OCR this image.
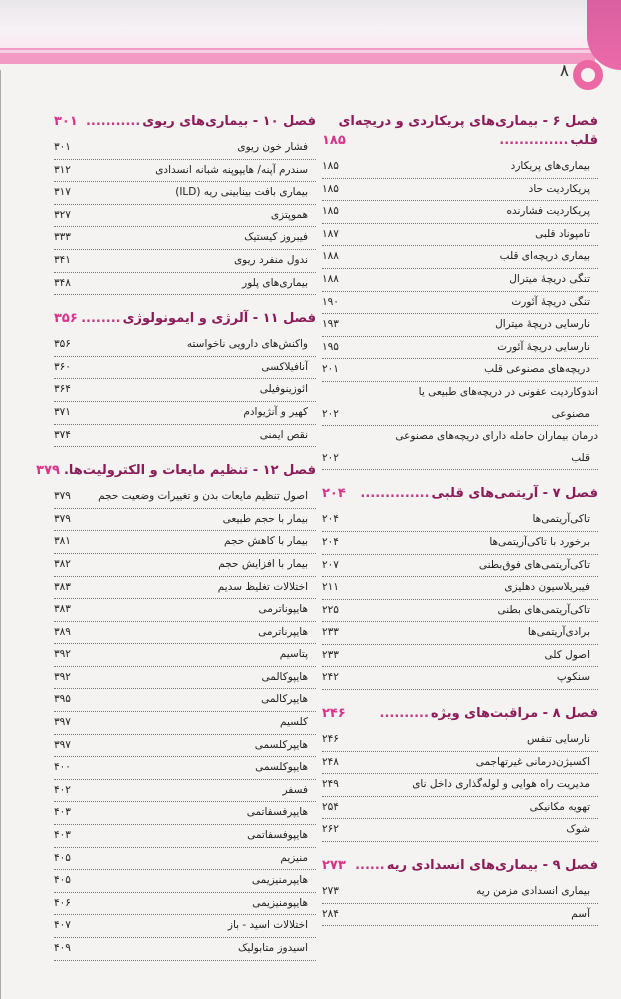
۸
فصل ۶ - بیماری‌های پریکاردی و دریچه‌ای
قلب
..............
۱۸۵
بیماری‌های پریکارد
۱۸۵
پریکاردیت حاد
۱۸۵
پریکاردیت فشارنده
۱۸۵
تامپوناد قلبی
۱۸۷
بیماری دریچه‌ای قلب
۱۸۸
تنگی دریچهٔ میترال
۱۸۸
تنگی دریچهٔ آئورت
۱۹۰
نارسایی دریچهٔ میترال
۱۹۳
نارسایی دریچهٔ آئورت
۱۹۵
دریچه‌های مصنوعی قلب
۲۰۱
اندوکاردیت عفونی در دریچه‌های طبیعی یا
مصنوعی
۲۰۲
درمان بیماران حامله دارای دریچه‌های مصنوعی
قلب
۲۰۲
فصل ۷ - آریتمی‌های قلبی
..............
۲۰۴
تاکی‌آریتمی‌ها
۲۰۴
برخورد با تاکی‌آریتمی‌ها
۲۰۴
تاکی‌آریتمی‌های فوق‌بطنی
۲۰۷
فیبریلاسیون دهلیزی
۲۱۱
تاکی‌آریتمی‌های بطنی
۲۲۵
برادی‌آریتمی‌ها
۲۳۳
اصول کلی
۲۳۳
سنکوپ
۲۴۲
فصل ۸ - مراقبت‌های ویژه
..........
۲۴۶
نارسایی تنفس
۲۴۶
اکسیژن‌درمانی غیرتهاجمی
۲۴۸
مدیریت راه هوایی و لوله‌گذاری داخل نای
۲۴۹
تهویه مکانیکی
۲۵۴
شوک
۲۶۲
فصل ۹ - بیماری‌های انسدادی ریه
......
۲۷۳
بیماری انسدادی مزمن ریه
۲۷۳
آسم
۲۸۴
فصل ۱۰ - بیماری‌های ریوی
...........
۳۰۱
فشار خون ریوی
۳۰۱
سندرم آپنه/ هایپوپنه شبانه انسدادی
۳۱۲
بیماری بافت بینابینی ریه (ILD)
۳۱۷
هموپتزی
۳۲۷
فیبروز کیستیک
۳۳۳
ندول منفرد ریوی
۳۴۱
بیماری‌های پلور
۳۴۸
فصل ۱۱ - آلرژی و ایمونولوژی
........
۳۵۶
واکنش‌های دارویی ناخواسته
۳۵۶
آنافیلاکسی
۳۶۰
ائوزینوفیلی
۳۶۴
کهیر و آنژیوادم
۳۷۱
نقص ایمنی
۳۷۴
فصل ۱۲ - تنظیم مایعات و الکترولیت‌ها.
۳۷۹
اصول تنظیم مایعات بدن و تغییرات وضعیت حجم
۳۷۹
بیمار با حجم طبیعی
۳۷۹
بیمار با کاهش حجم
۳۸۱
بیمار با افزایش حجم
۳۸۲
اختلالات تغلیظ سدیم
۳۸۳
هایپوناترمی
۳۸۳
هایپرناترمی
۳۸۹
پتاسیم
۳۹۲
هایپوکالمی
۳۹۲
هایپرکالمی
۳۹۵
کلسیم
۳۹۷
هایپرکلسمی
۳۹۷
هایپوکلسمی
۴۰۰
فسفر
۴۰۲
هایپرفسفاتمی
۴۰۳
هایپوفسفاتمی
۴۰۳
منیزیم
۴۰۵
هایپرمنیزیمی
۴۰۵
هایپومنیزیمی
۴۰۶
اختلالات اسید - باز
۴۰۷
اسیدوز متابولیک
۴۰۹
